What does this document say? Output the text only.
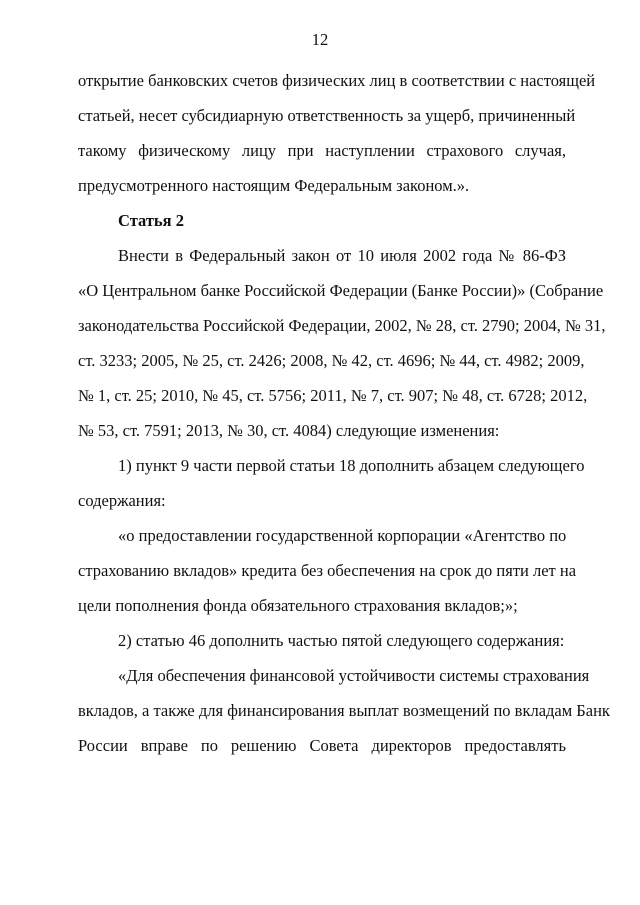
12
открытие банковских счетов физических лиц в соответствии с настоящей
статьей, несет субсидиарную ответственность за ущерб, причиненный
такому физическому лицу при наступлении страхового случая,
предусмотренного настоящим Федеральным законом.».
Статья 2
Внести в Федеральный закон от 10 июля 2002 года № 86-ФЗ
«О Центральном банке Российской Федерации (Банке России)» (Собрание
законодательства Российской Федерации, 2002, № 28, ст. 2790; 2004, № 31,
ст. 3233; 2005, № 25, ст. 2426; 2008, № 42, ст. 4696; № 44, ст. 4982; 2009,
№ 1, ст. 25; 2010, № 45, ст. 5756; 2011, № 7, ст. 907; № 48, ст. 6728; 2012,
№ 53, ст. 7591; 2013, № 30, ст. 4084) следующие изменения:
1) пункт 9 части первой статьи 18 дополнить абзацем следующего
содержания:
«о предоставлении государственной корпорации «Агентство по
страхованию вкладов» кредита без обеспечения на срок до пяти лет на
цели пополнения фонда обязательного страхования вкладов;»;
2) статью 46 дополнить частью пятой следующего содержания:
«Для обеспечения финансовой устойчивости системы страхования
вкладов, а также для финансирования выплат возмещений по вкладам Банк
России вправе по решению Совета директоров предоставлять
